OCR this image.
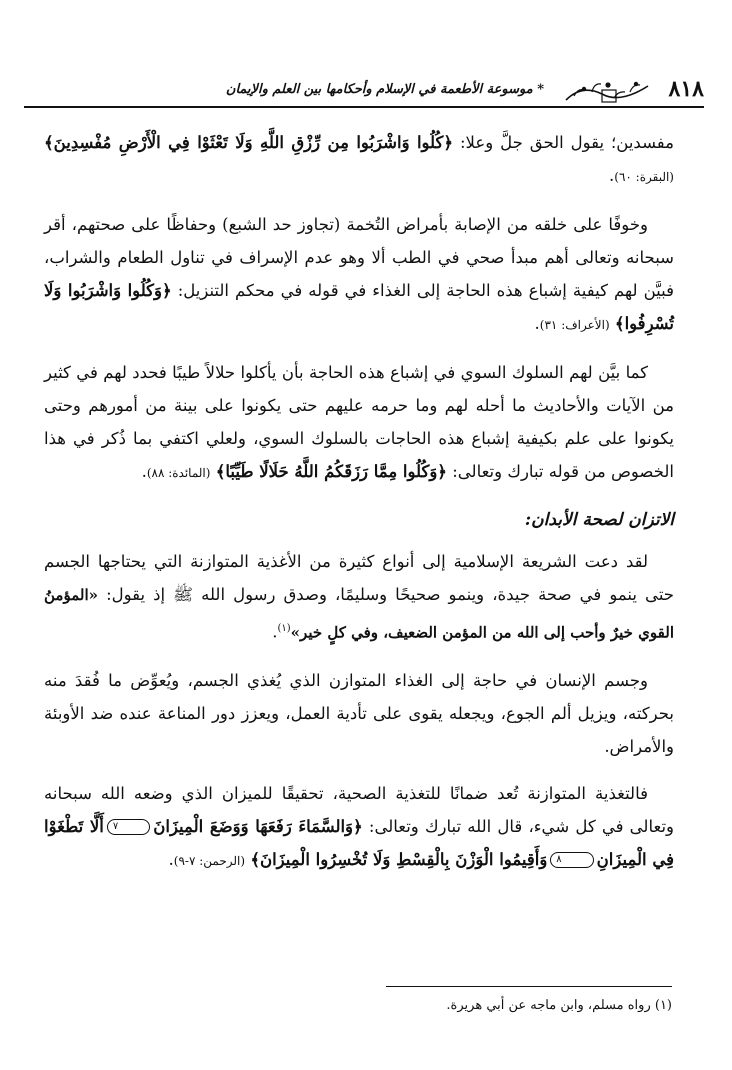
٨١٨
* موسوعة الأطعمة في الإسلام وأحكامها بين العلم والإيمان

مفسدين؛ يقول الحق جلَّ وعلا: ﴿كُلُوا وَاشْرَبُوا مِن رِّزْقِ اللَّهِ وَلَا تَعْثَوْا فِي الْأَرْضِ مُفْسِدِينَ﴾ (البقرة: ٦٠).

وخوفًا على خلقه من الإصابة بأمراض التُخمة (تجاوز حد الشبع) وحفاظًا على صحتهم، أقر سبحانه وتعالى أهم مبدأ صحي في الطب ألا وهو عدم الإسراف في تناول الطعام والشراب، فبيَّن لهم كيفية إشباع هذه الحاجة إلى الغذاء في قوله في محكم التنزيل: ﴿وَكُلُوا وَاشْرَبُوا وَلَا تُسْرِفُوا﴾ (الأعراف: ٣١).

كما بيَّن لهم السلوك السوي في إشباع هذه الحاجة بأن يأكلوا حلالاً طيبًا فحدد لهم في كثير من الآيات والأحاديث ما أحله لهم وما حرمه عليهم حتى يكونوا على بينة من أمورهم وحتى يكونوا على علم بكيفية إشباع هذه الحاجات بالسلوك السوي، ولعلي اكتفي بما ذُكر في هذا الخصوص من قوله تبارك وتعالى: ﴿وَكُلُوا مِمَّا رَزَقَكُمُ اللَّهُ حَلَالًا طَيِّبًا﴾ (المائدة: ٨٨).

الاتزان لصحة الأبدان:

لقد دعت الشريعة الإسلامية إلى أنواع كثيرة من الأغذية المتوازنة التي يحتاجها الجسم حتى ينمو في صحة جيدة، وينمو صحيحًا وسليمًا، وصدق رسول الله ﷺ إذ يقول: «المؤمنُ القوي خيرٌ وأحب إلى الله من المؤمن الضعيف، وفي كلٍ خير»$^{(١)}$.

وجسم الإنسان في حاجة إلى الغذاء المتوازن الذي يُغذي الجسم، ويُعوِّض ما فُقدَ منه بحركته، ويزيل ألم الجوع، ويجعله يقوى على تأدية العمل، ويعزز دور المناعة عنده ضد الأوبئة والأمراض.

فالتغذية المتوازنة تُعد ضمانًا للتغذية الصحية، تحقيقًا للميزان الذي وضعه الله سبحانه وتعالى في كل شيء، قال الله تبارك وتعالى: ﴿وَالسَّمَاءَ رَفَعَهَا وَوَضَعَ الْمِيزَانَ٧أَلَّا تَطْغَوْا فِي الْمِيزَانِ٨وَأَقِيمُوا الْوَزْنَ بِالْقِسْطِ وَلَا تُخْسِرُوا الْمِيزَانَ﴾ (الرحمن: ٧-٩).

(١) رواه مسلم، وابن ماجه عن أبي هريرة.
